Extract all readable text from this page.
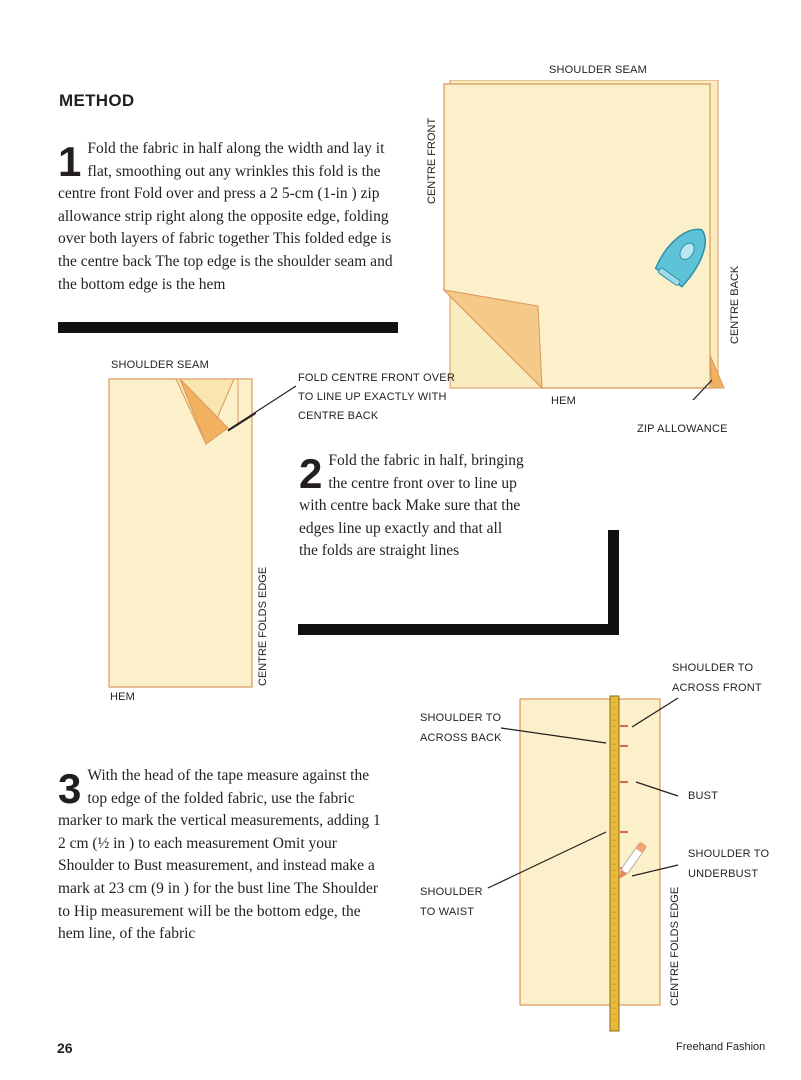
METHOD
1 Fold the fabric in half along the width and lay it flat, smoothing out any wrinkles this fold is the centre front Fold over and press a 2 5-cm (1-in ) zip allowance strip right along the opposite edge, folding over both layers of fabric together This folded edge is the centre back The top edge is the shoulder seam and the bottom edge is the hem
SHOULDER SEAM
CENTRE FRONT
CENTRE BACK
HEM
ZIP ALLOWANCE
SHOULDER SEAM
FOLD CENTRE FRONT OVER
TO LINE UP EXACTLY WITH
CENTRE BACK
CENTRE FOLDS EDGE
HEM
2 Fold the fabric in half, bringing the centre front over to line up with centre back Make sure that the edges line up exactly and that all the folds are straight lines
3 With the head of the tape measure against the top edge of the folded fabric, use the fabric marker to mark the vertical measurements, adding 1 2 cm (½ in ) to each measurement Omit your Shoulder to Bust measurement, and instead make a mark at 23 cm (9 in ) for the bust line The Shoulder to Hip measurement will be the bottom edge, the hem line, of the fabric
SHOULDER TO
ACROSS FRONT
SHOULDER TO
ACROSS BACK
BUST
SHOULDER TO
UNDERBUST
SHOULDER
TO WAIST	CENTRE FOLDS EDGE
26	Freehand Fashion
